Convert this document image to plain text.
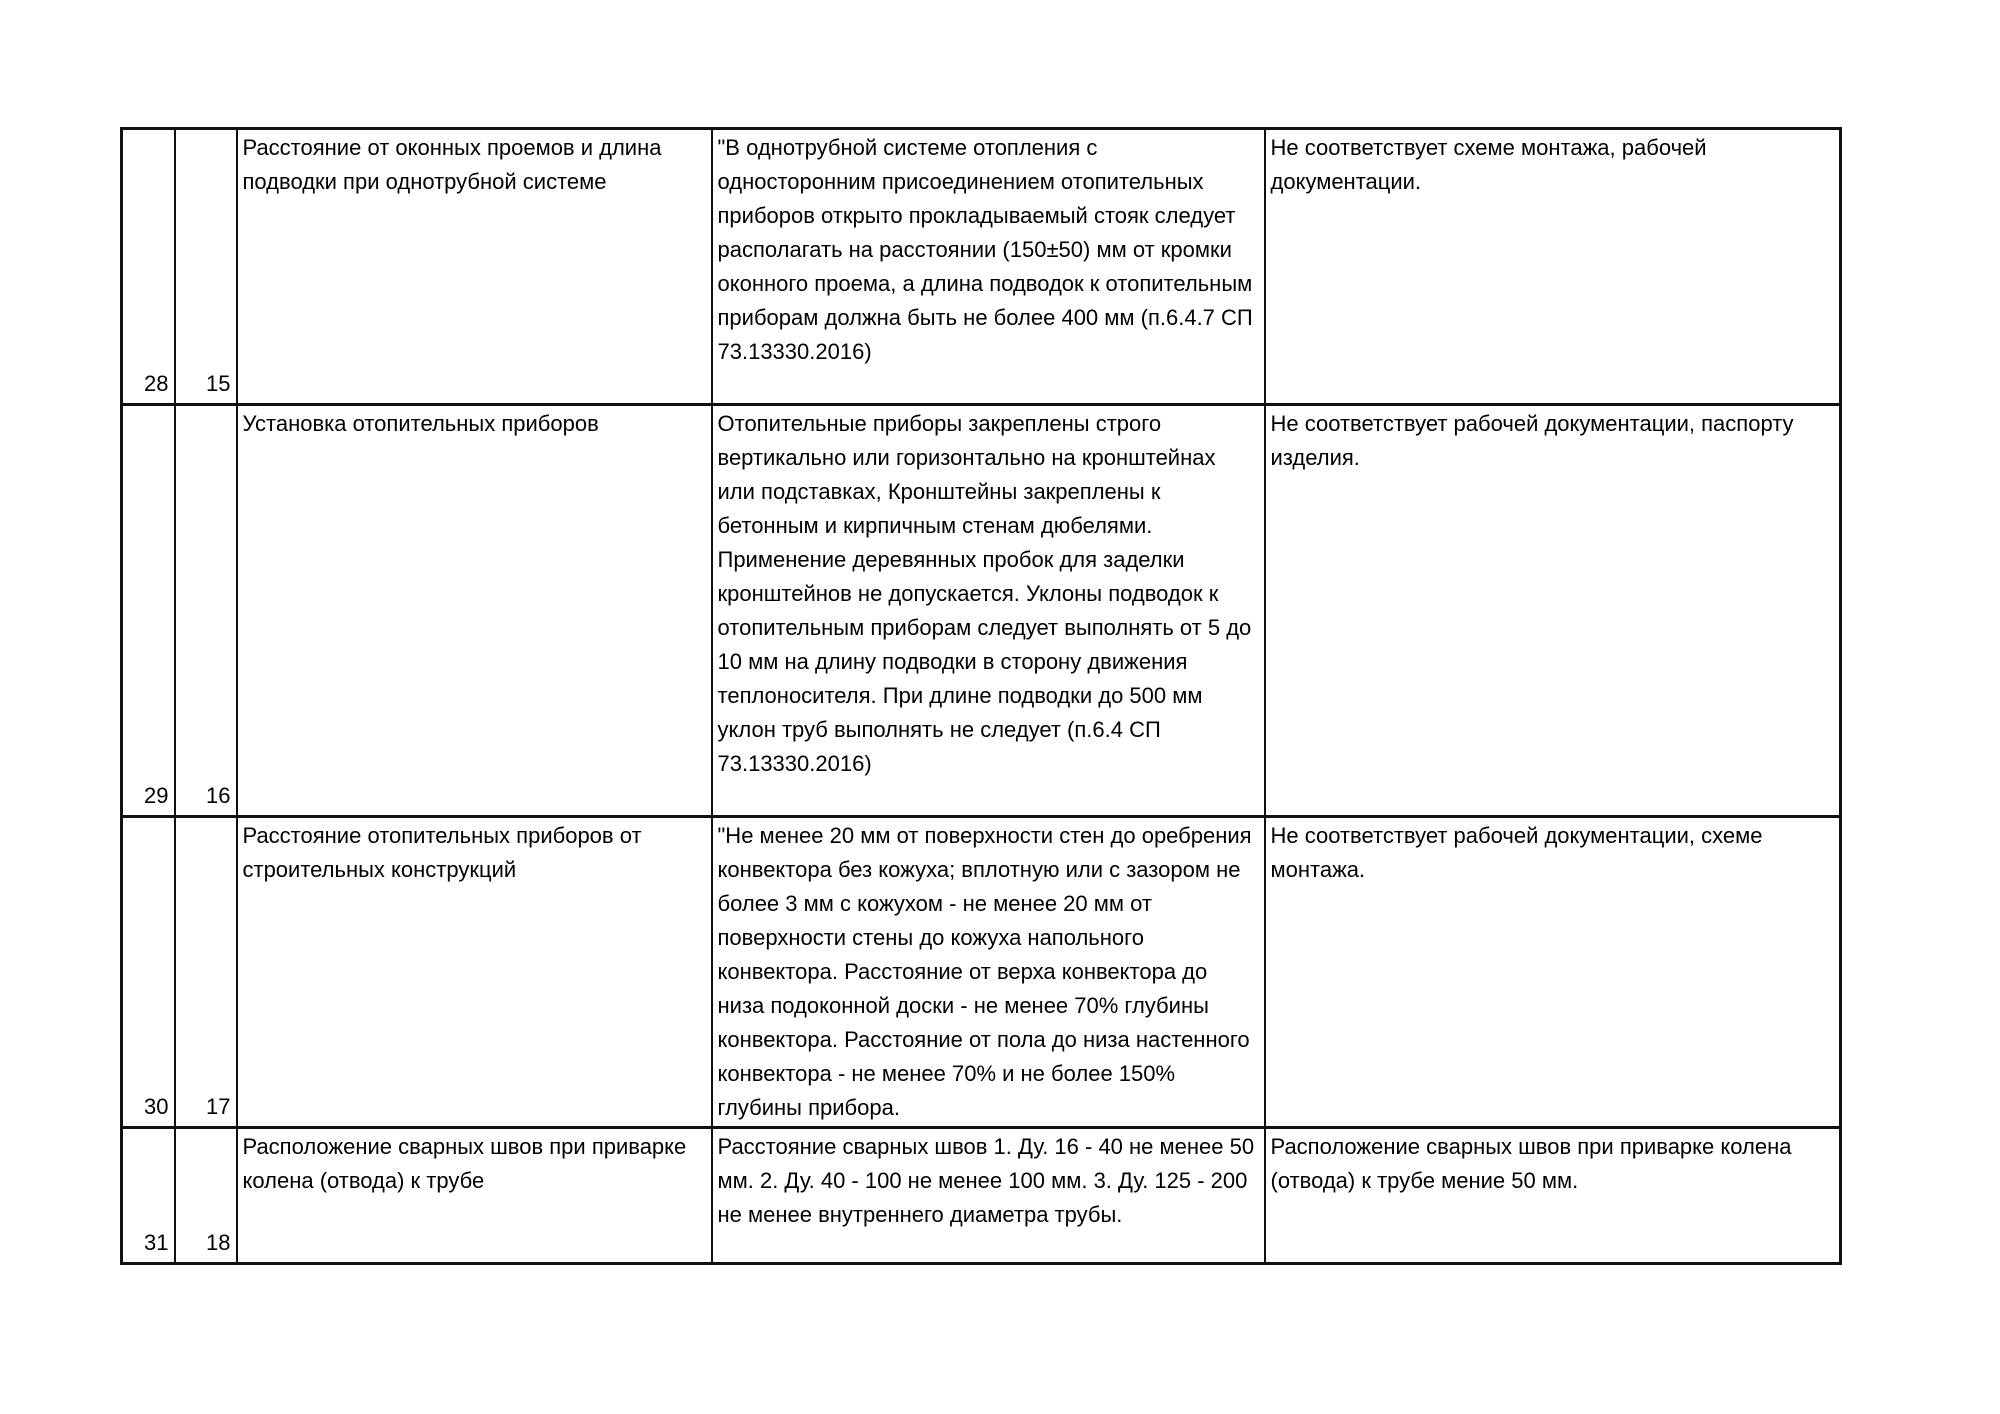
28	15	Расстояние от оконных проемов и длина подводки при однотрубной системе	"В однотрубной системе отопления с односторонним присоединением отопительных приборов открыто прокладываемый стояк следует располагать на расстоянии (150±50) мм от кромки оконного проема, а длина подводок к отопительным приборам должна быть не более 400 мм (п.6.4.7 СП 73.13330.2016)	Не соответствует схеме монтажа, рабочей документации.
29	16	Установка отопительных приборов	Отопительные приборы закреплены строго вертикально или горизонтально на кронштейнах или подставках, Кронштейны закреплены к бетонным и кирпичным стенам дюбелями. Применение деревянных пробок для заделки кронштейнов не допускается. Уклоны подводок к отопительным приборам следует выполнять от 5 до 10 мм на длину подводки в сторону движения теплоносителя. При длине подводки до 500 мм уклон труб выполнять не следует (п.6.4 СП 73.13330.2016)	Не соответствует рабочей документации, паспорту изделия.
30	17	Расстояние отопительных приборов от строительных конструкций	"Не менее 20 мм от поверхности стен до оребрения конвектора без кожуха; вплотную или с зазором не более 3 мм с кожухом - не менее 20 мм от поверхности стены до кожуха напольного конвектора. Расстояние от верха конвектора до низа подоконной доски - не менее 70% глубины конвектора. Расстояние от пола до низа настенного конвектора - не менее 70% и не более 150% глубины прибора.	Не соответствует рабочей документации, схеме монтажа.
31	18	Расположение сварных швов при приварке колена (отвода) к трубе	Расстояние сварных швов 1. Ду. 16 - 40 не менее 50 мм. 2. Ду. 40 - 100 не менее 100 мм. 3. Ду. 125 - 200 не менее внутреннего диаметра трубы.	Расположение сварных швов при приварке колена (отвода) к трубе мение 50 мм.
